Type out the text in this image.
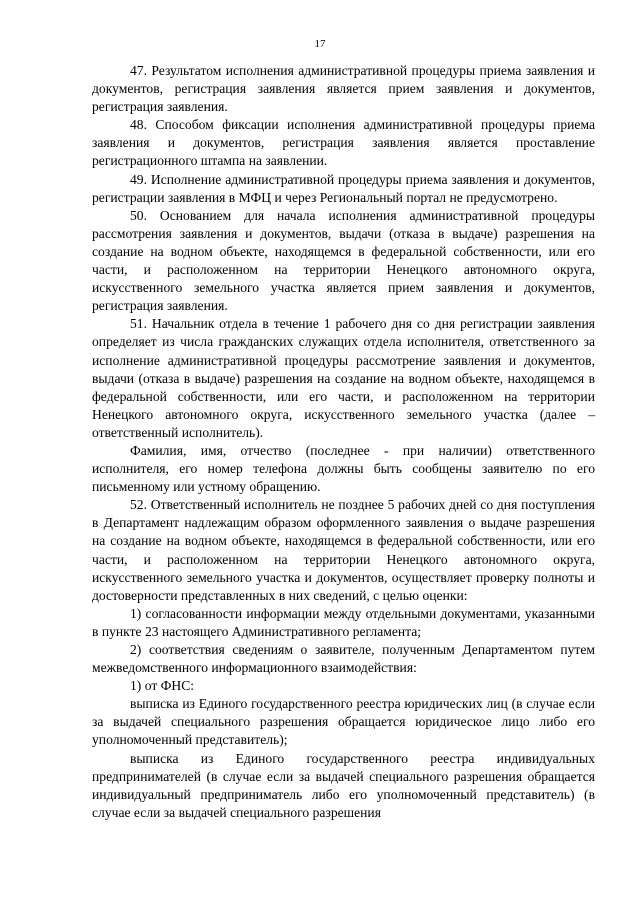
17

47. Результатом исполнения административной процедуры приема заявления и документов, регистрация заявления является прием заявления и документов, регистрация заявления.

48. Способом фиксации исполнения административной процедуры приема заявления и документов, регистрация заявления является проставление регистрационного штампа на заявлении.

49. Исполнение административной процедуры приема заявления и документов, регистрации заявления в МФЦ и через Региональный портал не предусмотрено.

50. Основанием для начала исполнения административной процедуры рассмотрения заявления и документов, выдачи (отказа в выдаче) разрешения на создание на водном объекте, находящемся в федеральной собственности, или его части, и расположенном на территории Ненецкого автономного округа, искусственного земельного участка является прием заявления и документов, регистрация заявления.

51. Начальник отдела в течение 1 рабочего дня со дня регистрации заявления определяет из числа гражданских служащих отдела исполнителя, ответственного за исполнение административной процедуры рассмотрение заявления и документов, выдачи (отказа в выдаче) разрешения на создание на водном объекте, находящемся в федеральной собственности, или его части, и расположенном на территории Ненецкого автономного округа, искусственного земельного участка (далее – ответственный исполнитель).

Фамилия, имя, отчество (последнее - при наличии) ответственного исполнителя, его номер телефона должны быть сообщены заявителю по его письменному или устному обращению.

52. Ответственный исполнитель не позднее 5 рабочих дней со дня поступления в Департамент надлежащим образом оформленного заявления о выдаче разрешения на создание на водном объекте, находящемся в федеральной собственности, или его части, и расположенном на территории Ненецкого автономного округа, искусственного земельного участка и документов, осуществляет проверку полноты и достоверности представленных в них сведений, с целью оценки:

1) согласованности информации между отдельными документами, указанными в пункте 23 настоящего Административного регламента;

2) соответствия сведениям о заявителе, полученным Департаментом путем межведомственного информационного взаимодействия:

1) от ФНС:

выписка из Единого государственного реестра юридических лиц (в случае если за выдачей специального разрешения обращается юридическое лицо либо его уполномоченный представитель);

выписка из Единого государственного реестра индивидуальных предпринимателей (в случае если за выдачей специального разрешения обращается индивидуальный предприниматель либо его уполномоченный представитель) (в случае если за выдачей специального разрешения
